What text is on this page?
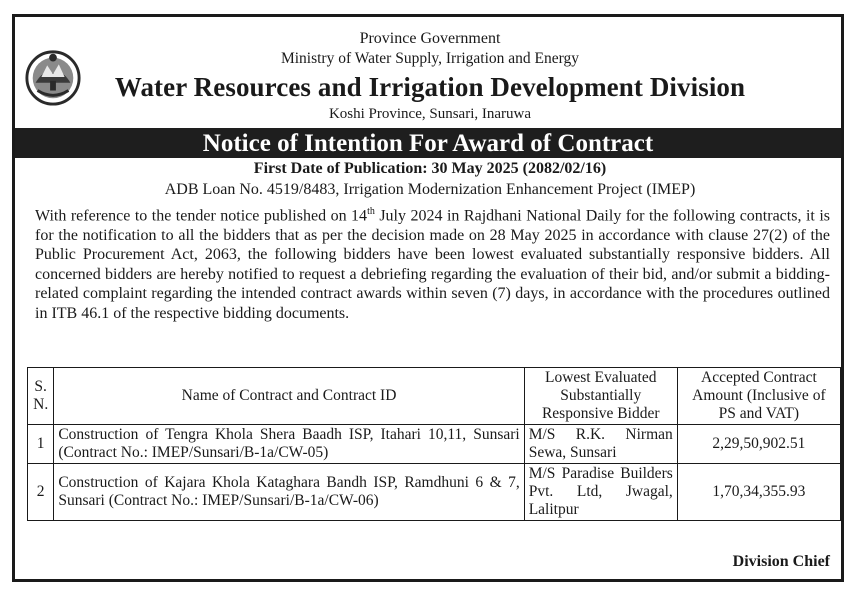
Province Government
Ministry of Water Supply, Irrigation and Energy
Water Resources and Irrigation Development Division
Koshi Province, Sunsari, Inaruwa
Notice of Intention For Award of Contract
First Date of Publication: 30 May 2025 (2082/02/16)
ADB Loan No. 4519/8483, Irrigation Modernization Enhancement Project (IMEP)
With reference to the tender notice published on 14th July 2024 in Rajdhani National Daily for the following contracts, it is for the notification to all the bidders that as per the decision made on 28 May 2025 in accordance with clause 27(2) of the Public Procurement Act, 2063, the following bidders have been lowest evaluated substantially responsive bidders. All concerned bidders are hereby notified to request a debriefing regarding the evaluation of their bid, and/or submit a bidding-related complaint regarding the intended contract awards within seven (7) days, in accordance with the procedures outlined in ITB 46.1 of the respective bidding documents.
S. N.	Name of Contract and Contract ID	Lowest Evaluated Substantially Responsive Bidder	Accepted Contract Amount (Inclusive of PS and VAT)
1	Construction of Tengra Khola Shera Baadh ISP, Itahari 10,11, Sunsari (Contract No.: IMEP/Sunsari/B-1a/CW-05)	M/S R.K. Nirman Sewa, Sunsari	2,29,50,902.51
2	Construction of Kajara Khola Kataghara Bandh ISP, Ramdhuni 6 & 7, Sunsari (Contract No.: IMEP/Sunsari/B-1a/CW-06)	M/S Paradise Builders Pvt. Ltd, Jwagal, Lalitpur	1,70,34,355.93
Division Chief
